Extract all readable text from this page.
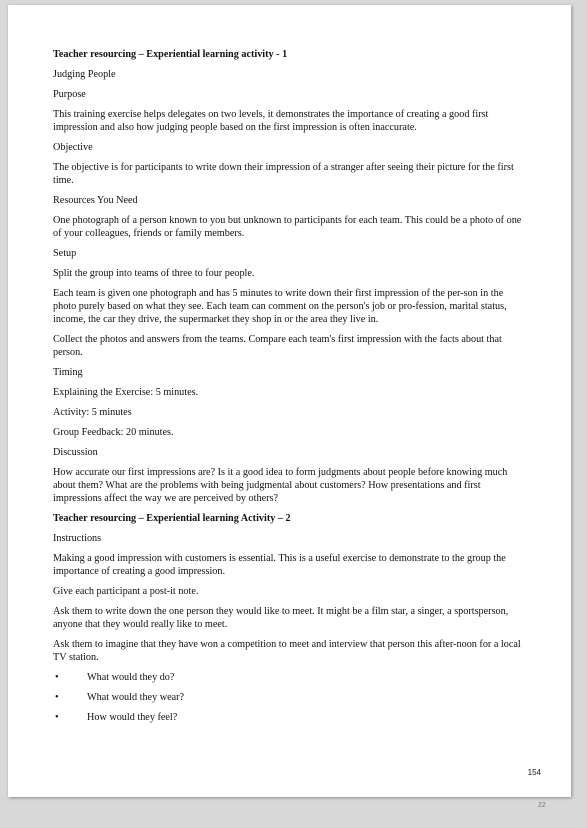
Teacher resourcing – Experiential learning activity - 1

Judging People

Purpose

This training exercise helps delegates on two levels, it demonstrates the importance of creating a good first impression and also how judging people based on the first impression is often inaccurate.

Objective

The objective is for participants to write down their impression of a stranger after seeing their picture for the first time.

Resources You Need

One photograph of a person known to you but unknown to participants for each team. This could be a photo of one of your colleagues, friends or family members.

Setup

Split the group into teams of three to four people.

Each team is given one photograph and has 5 minutes to write down their first impression of the per-son in the photo purely based on what they see. Each team can comment on the person's job or pro-fession, marital status, income, the car they drive, the supermarket they shop in or the area they live in.

Collect the photos and answers from the teams. Compare each team's first impression with the facts about that person.

Timing

Explaining the Exercise: 5 minutes.

Activity: 5 minutes

Group Feedback: 20 minutes.

Discussion

How accurate our first impressions are? Is it a good idea to form judgments about people before knowing much about them? What are the problems with being judgmental about customers? How presentations and first impressions affect the way we are perceived by others?

Teacher resourcing – Experiential learning Activity – 2

Instructions

Making a good impression with customers is essential. This is a useful exercise to demonstrate to the group the importance of creating a good impression.

Give each participant a post-it note.

Ask them to write down the one person they would like to meet. It might be a film star, a singer, a sportsperson, anyone that they would really like to meet.

Ask them to imagine that they have won a competition to meet and interview that person this after-noon for a local TV station.

•	What would they do?
•	What would they wear?
•	How would they feel?
154
22
